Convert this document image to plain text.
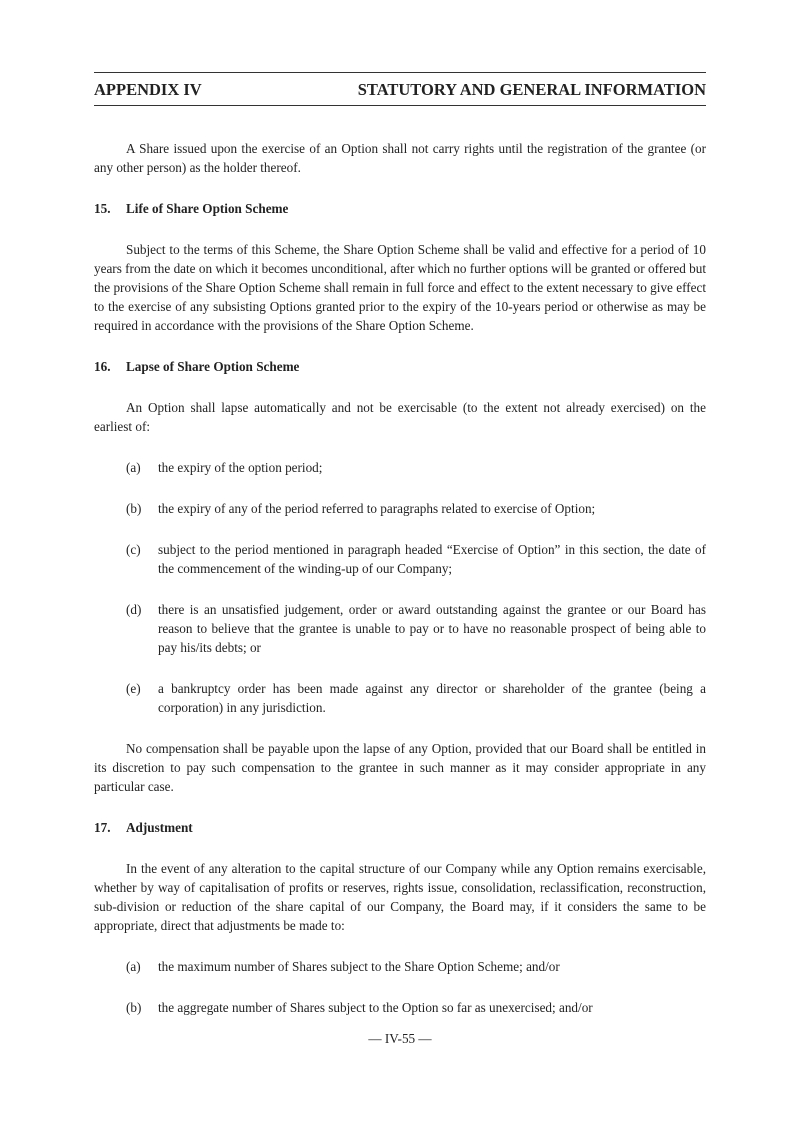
APPENDIX IV	STATUTORY AND GENERAL INFORMATION

A Share issued upon the exercise of an Option shall not carry rights until the registration of the grantee (or any other person) as the holder thereof.

15. Life of Share Option Scheme

Subject to the terms of this Scheme, the Share Option Scheme shall be valid and effective for a period of 10 years from the date on which it becomes unconditional, after which no further options will be granted or offered but the provisions of the Share Option Scheme shall remain in full force and effect to the extent necessary to give effect to the exercise of any subsisting Options granted prior to the expiry of the 10-years period or otherwise as may be required in accordance with the provisions of the Share Option Scheme.

16. Lapse of Share Option Scheme

An Option shall lapse automatically and not be exercisable (to the extent not already exercised) on the earliest of:

(a)	the expiry of the option period;
(b)	the expiry of any of the period referred to paragraphs related to exercise of Option;
(c)	subject to the period mentioned in paragraph headed “Exercise of Option” in this section, the date of the commencement of the winding-up of our Company;
(d)	there is an unsatisfied judgement, order or award outstanding against the grantee or our Board has reason to believe that the grantee is unable to pay or to have no reasonable prospect of being able to pay his/its debts; or
(e)	a bankruptcy order has been made against any director or shareholder of the grantee (being a corporation) in any jurisdiction.

No compensation shall be payable upon the lapse of any Option, provided that our Board shall be entitled in its discretion to pay such compensation to the grantee in such manner as it may consider appropriate in any particular case.

17. Adjustment

In the event of any alteration to the capital structure of our Company while any Option remains exercisable, whether by way of capitalisation of profits or reserves, rights issue, consolidation, reclassification, reconstruction, sub-division or reduction of the share capital of our Company, the Board may, if it considers the same to be appropriate, direct that adjustments be made to:

(a)	the maximum number of Shares subject to the Share Option Scheme; and/or
(b)	the aggregate number of Shares subject to the Option so far as unexercised; and/or
— IV-55 —
